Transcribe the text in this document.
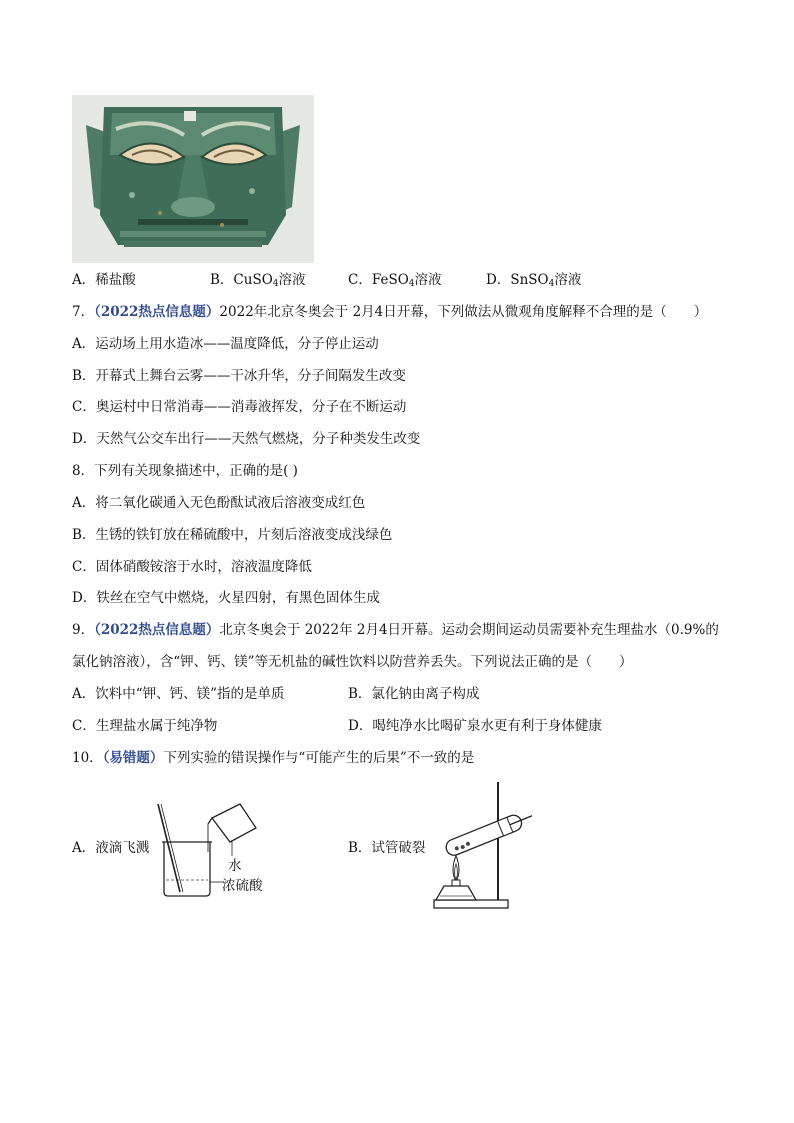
A．稀盐酸	B．CuSO$_4$溶液	C．FeSO$_4$溶液	D．SnSO$_4$溶液
7．（2022热点信息题）2022年北京冬奥会于 2月4日开幕，下列做法从微观角度解释不合理的是（　　）
A．运动场上用水造冰——温度降低，分子停止运动
B．开幕式上舞台云雾——干冰升华，分子间隔发生改变
C．奥运村中日常消毒——消毒液挥发，分子在不断运动
D．天然气公交车出行——天然气燃烧，分子种类发生改变
8．下列有关现象描述中，正确的是( )
A．将二氧化碳通入无色酚酞试液后溶液变成红色
B．生锈的铁钉放在稀硫酸中，片刻后溶液变成浅绿色
C．固体硝酸铵溶于水时，溶液温度降低
D．铁丝在空气中燃烧，火星四射，有黑色固体生成
9．（2022热点信息题）北京冬奥会于 2022年 2月4日开幕。运动会期间运动员需要补充生理盐水（0.9%的
氯化钠溶液），含“钾、钙、镁”等无机盐的碱性饮料以防营养丢失。下列说法正确的是（　　）
A．饮料中“钾、钙、镁”指的是单质	B．氯化钠由离子构成
C．生理盐水属于纯净物	D．喝纯净水比喝矿泉水更有利于身体健康
10．（易错题）下列实验的错误操作与“可能产生的后果”不一致的是
A．液滴飞溅	B．试管破裂
水
浓硫酸
